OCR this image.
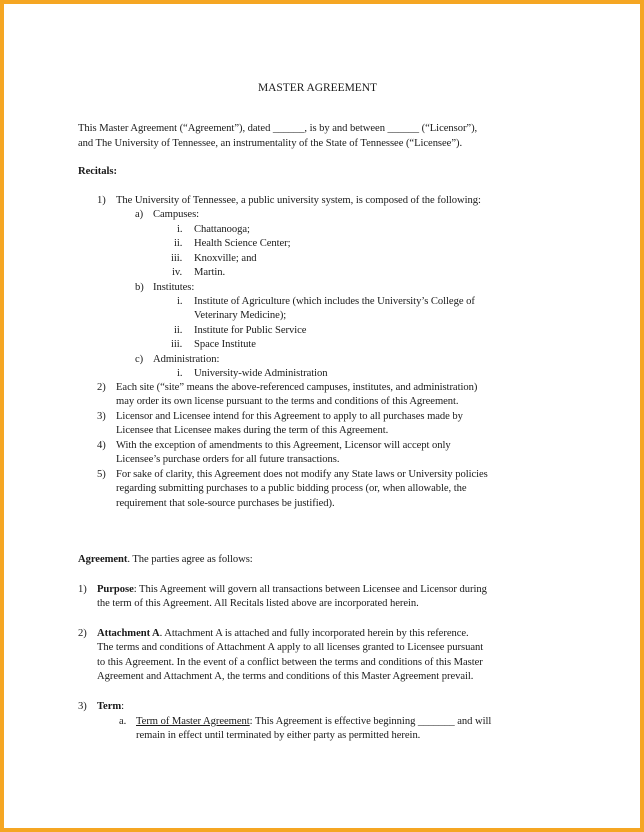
MASTER AGREEMENT
This Master Agreement (“Agreement”), dated ______, is by and between ______ (“Licensor”),
and The University of Tennessee, an instrumentality of the State of Tennessee (“Licensee”).
Recitals:
1) The University of Tennessee, a public university system, is composed of the following:
a) Campuses:
i. Chattanooga;
ii. Health Science Center;
iii. Knoxville; and
iv. Martin.
b) Institutes:
i. Institute of Agriculture (which includes the University’s College of
Veterinary Medicine);
ii. Institute for Public Service
iii. Space Institute
c) Administration:
i. University-wide Administration
2) Each site (“site” means the above-referenced campuses, institutes, and administration)
may order its own license pursuant to the terms and conditions of this Agreement.
3) Licensor and Licensee intend for this Agreement to apply to all purchases made by
Licensee that Licensee makes during the term of this Agreement.
4) With the exception of amendments to this Agreement, Licensor will accept only
Licensee’s purchase orders for all future transactions.
5) For sake of clarity, this Agreement does not modify any State laws or University policies
regarding submitting purchases to a public bidding process (or, when allowable, the
requirement that sole-source purchases be justified).
Agreement. The parties agree as follows:
1) Purpose: This Agreement will govern all transactions between Licensee and Licensor during
the term of this Agreement. All Recitals listed above are incorporated herein.
2) Attachment A. Attachment A is attached and fully incorporated herein by this reference.
The terms and conditions of Attachment A apply to all licenses granted to Licensee pursuant
to this Agreement. In the event of a conflict between the terms and conditions of this Master
Agreement and Attachment A, the terms and conditions of this Master Agreement prevail.
3) Term:
a. Term of Master Agreement: This Agreement is effective beginning _______ and will
remain in effect until terminated by either party as permitted herein.
